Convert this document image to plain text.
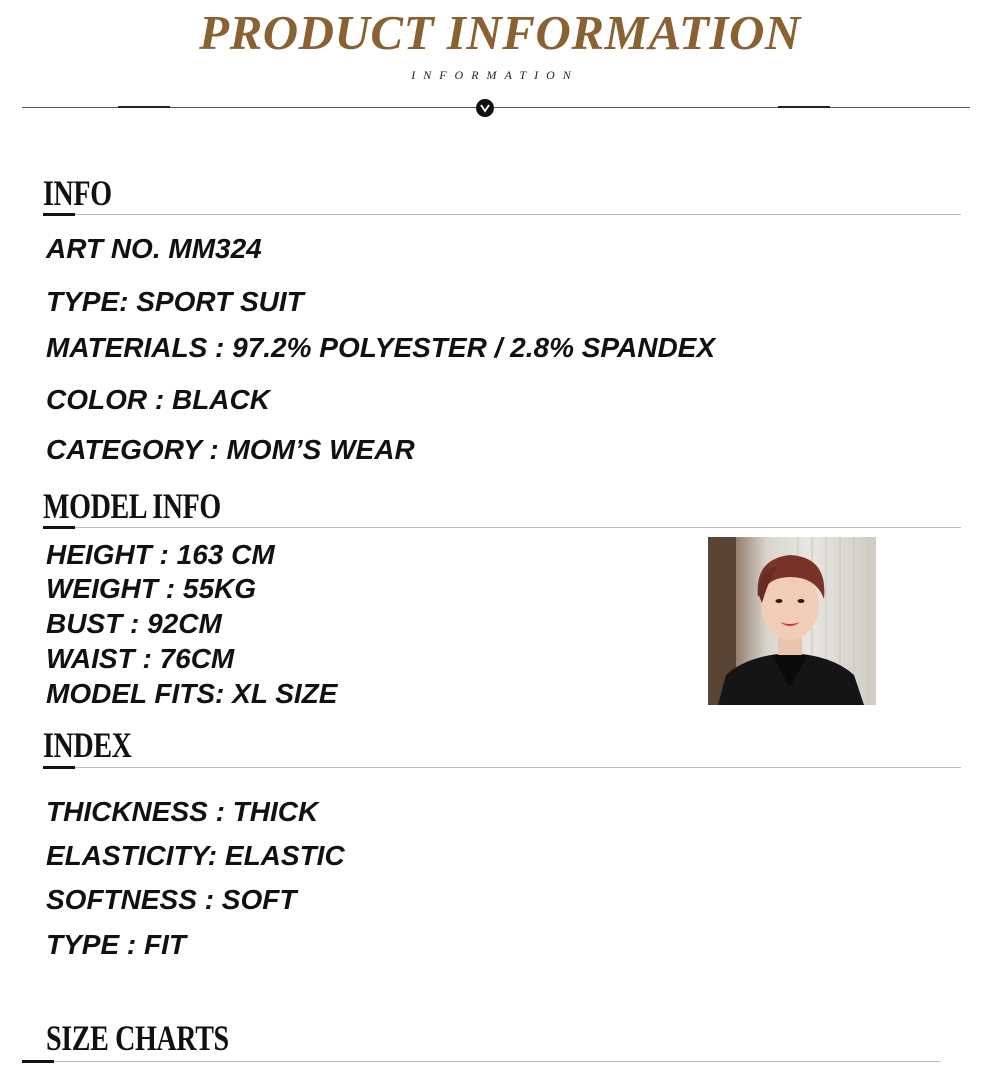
PRODUCT INFORMATION
INFORMATION
INFO
ART NO. MM324
TYPE: SPORT SUIT
MATERIALS : 97.2% POLYESTER / 2.8% SPANDEX
COLOR : BLACK
CATEGORY : MOM’S WEAR
MODEL INFO
HEIGHT : 163 CM
WEIGHT : 55KG
BUST : 92CM
WAIST : 76CM
MODEL FITS: XL SIZE
INDEX
THICKNESS : THICK
ELASTICITY: ELASTIC
SOFTNESS : SOFT
TYPE : FIT
SIZE CHARTS
